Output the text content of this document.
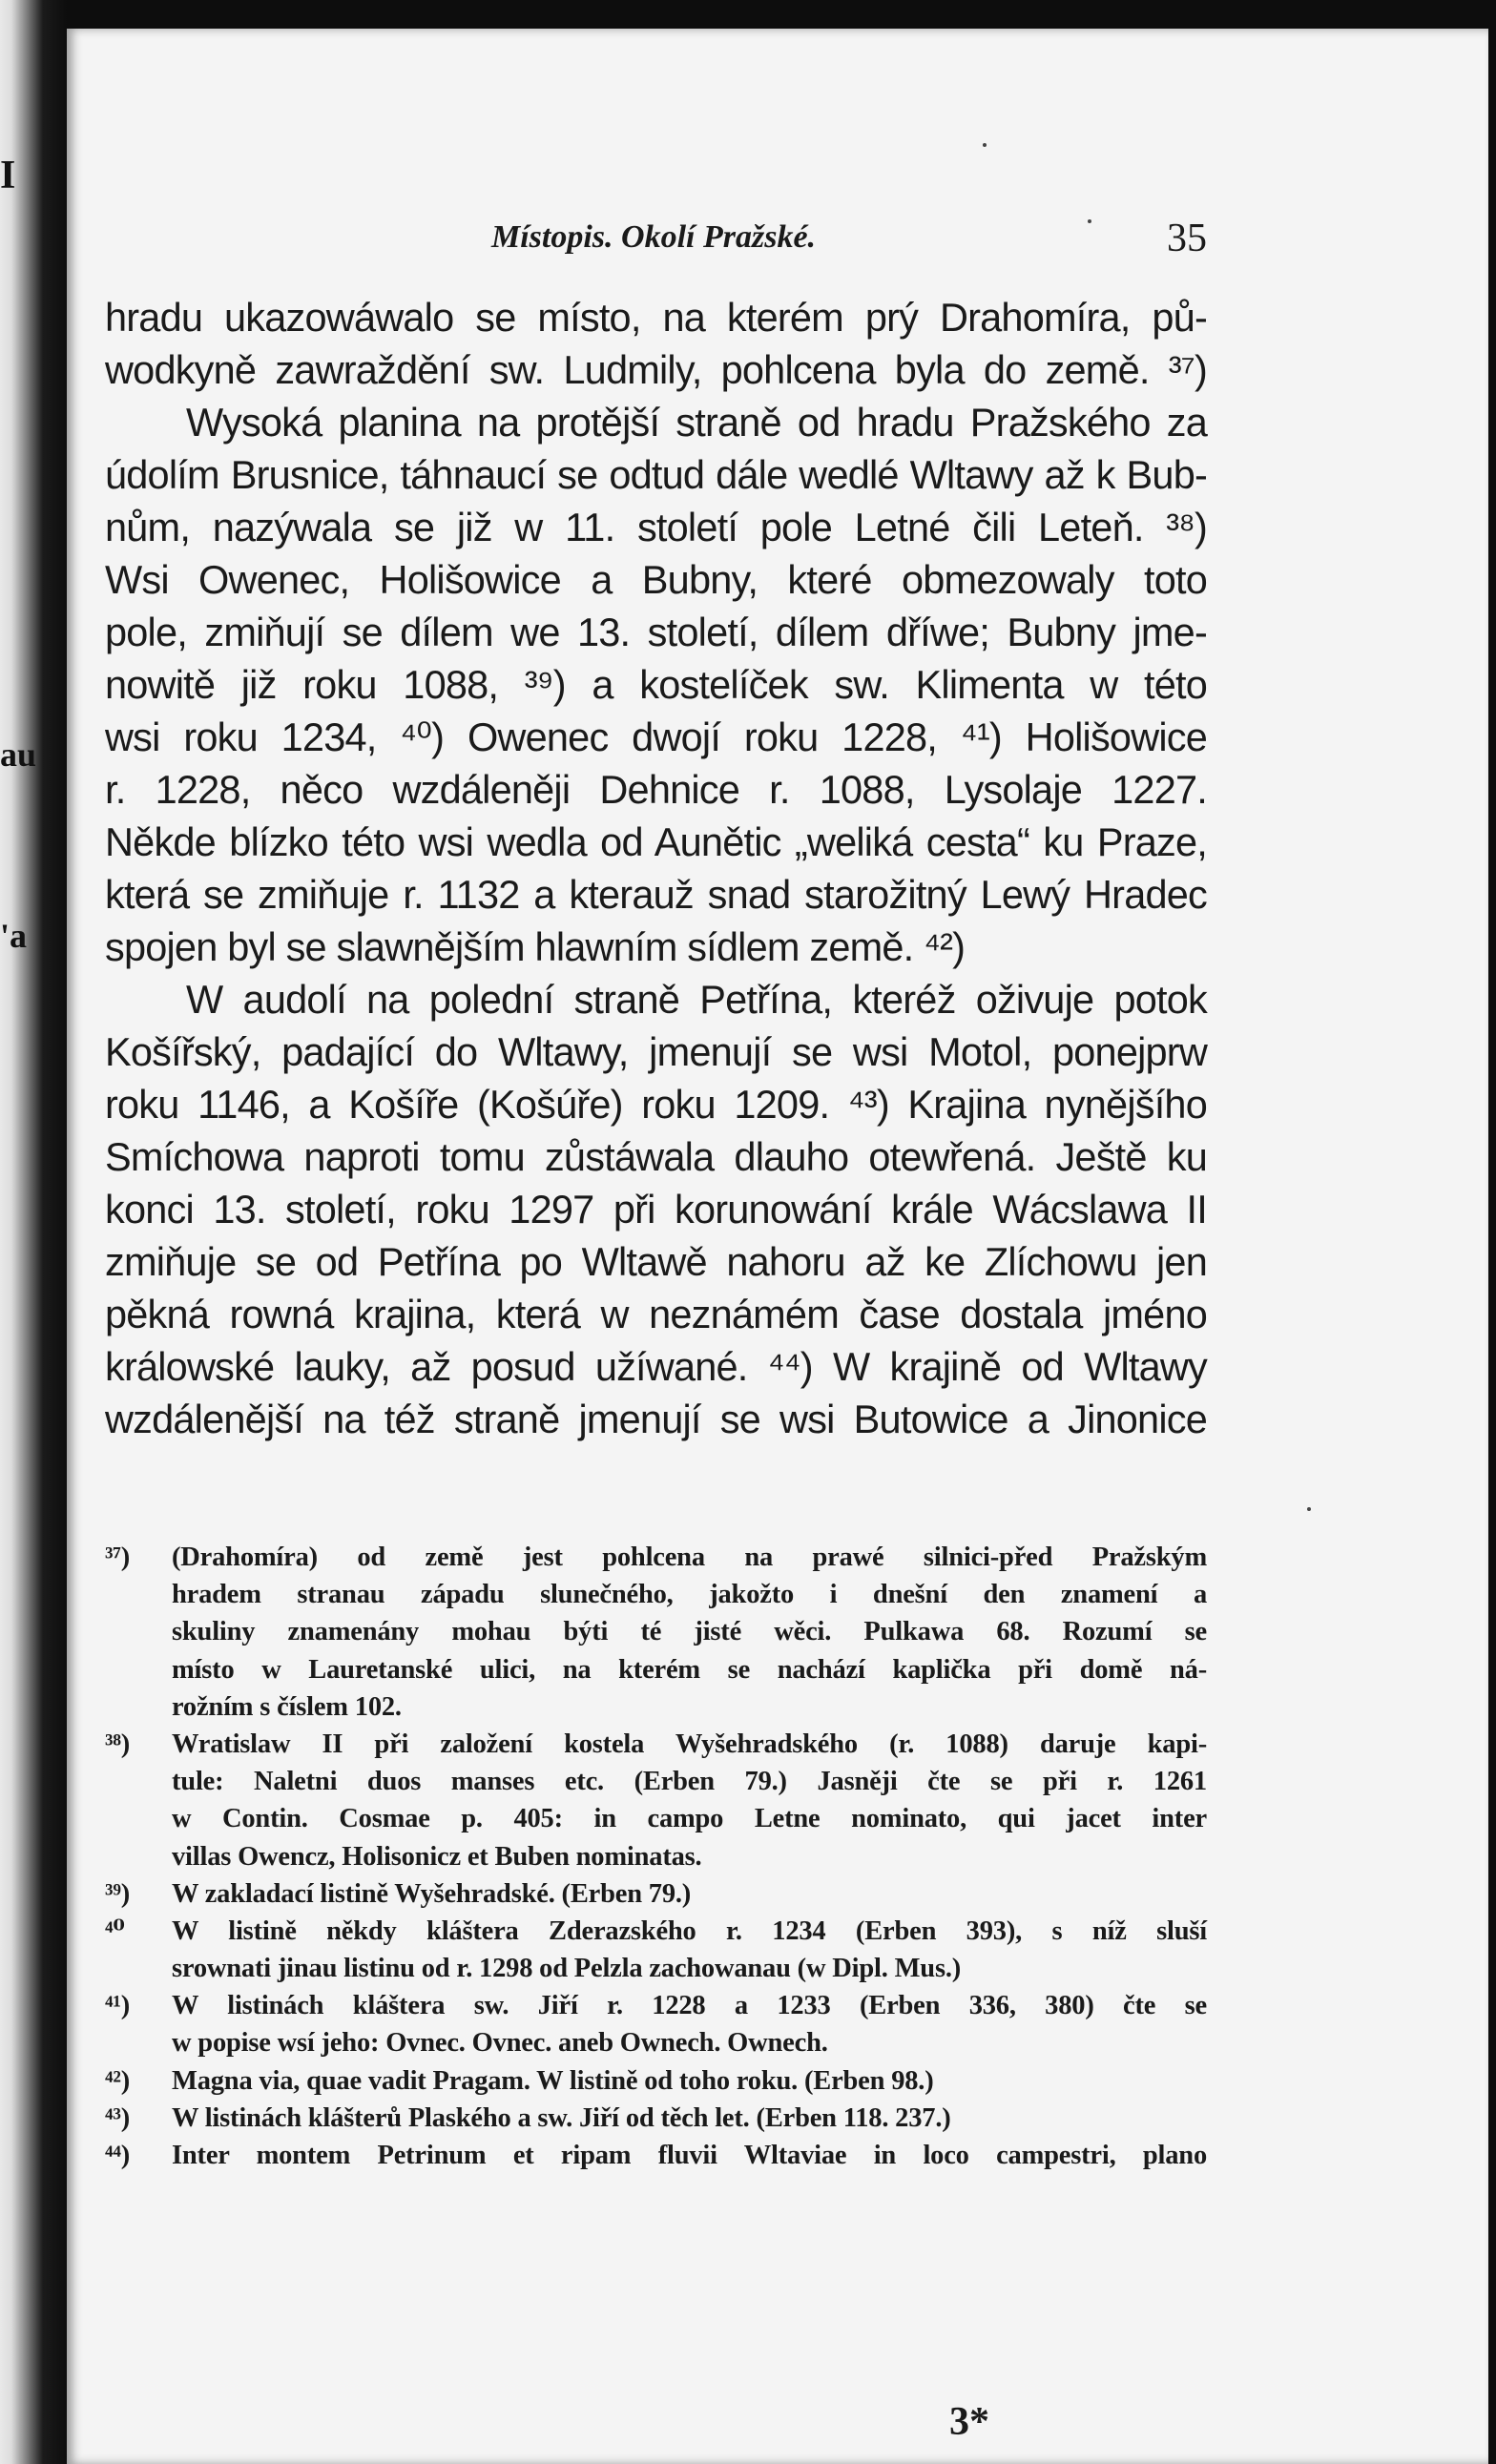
I
au
'a
Místopis. Okolí Pražské.	35
hradu ukazowáwalo se místo, na kterém prý Drahomíra, pů-
wodkyně zawraždění sw. Ludmily, pohlcena byla do země. ³⁷)
Wysoká planina na protější straně od hradu Pražského za
údolím Brusnice, táhnaucí se odtud dále wedlé Wltawy až k Bub-
nům, nazýwala se již w 11. století pole Letné čili Leteň. ³⁸)
Wsi Owenec, Holišowice a Bubny, které obmezowaly toto
pole, zmiňují se dílem we 13. století, dílem dříwe; Bubny jme-
nowitě již roku 1088, ³⁹) a kostelíček sw. Klimenta w této
wsi roku 1234, ⁴⁰) Owenec dwojí roku 1228, ⁴¹) Holišowice
r. 1228, něco wzdáleněji Dehnice r. 1088, Lysolaje 1227.
Někde blízko této wsi wedla od Aunětic „weliká cesta“ ku Praze,
která se zmiňuje r. 1132 a kterauž snad starožitný Lewý Hradec
spojen byl se slawnějším hlawním sídlem země. ⁴²)
W audolí na polední straně Petřína, kteréž oživuje potok
Košířský, padající do Wltawy, jmenují se wsi Motol, ponejprw
roku 1146, a Košíře (Košúře) roku 1209. ⁴³) Krajina nynějšího
Smíchowa naproti tomu zůstáwala dlauho otewřená. Ještě ku
konci 13. století, roku 1297 při korunowání krále Wácslawa II
zmiňuje se od Petřína po Wltawě nahoru až ke Zlíchowu jen
pěkná rowná krajina, která w neznámém čase dostala jméno
králowské lauky, až posud užíwané. ⁴⁴) W krajině od Wltawy
wzdálenější na též straně jmenují se wsi Butowice a Jinonice
³⁷) (Drahomíra) od země jest pohlcena na prawé silnici-před Pražským
hradem stranau západu slunečného, jakožto i dnešní den znamení a
skuliny znamenány mohau býti té jisté wěci. Pulkawa 68. Rozumí se
místo w Lauretanské ulici, na kterém se nachází kaplička při domě ná-
rožním s číslem 102.
³⁸) Wratislaw II při založení kostela Wyšehradského (r. 1088) daruje kapi-
tule: Naletni duos manses etc. (Erben 79.) Jasněji čte se při r. 1261
w Contin. Cosmae p. 405: in campo Letne nominato, qui jacet inter
villas Owencz, Holisonicz et Buben nominatas.
³⁹) W zakladací listině Wyšehradské. (Erben 79.)
⁴⁰ W listině někdy kláštera Zderazského r. 1234 (Erben 393), s níž sluší
srownati jinau listinu od r. 1298 od Pelzla zachowanau (w Dipl. Mus.)
⁴¹) W listinách kláštera sw. Jiří r. 1228 a 1233 (Erben 336, 380) čte se
w popise wsí jeho: Ovnec. Ovnec. aneb Ownech. Ownech.
⁴²) Magna via, quae vadit Pragam. W listině od toho roku. (Erben 98.)
⁴³) W listinách klášterů Plaského a sw. Jiří od těch let. (Erben 118. 237.)
⁴⁴) Inter montem Petrinum et ripam fluvii Wltaviae in loco campestri, plano
3*
